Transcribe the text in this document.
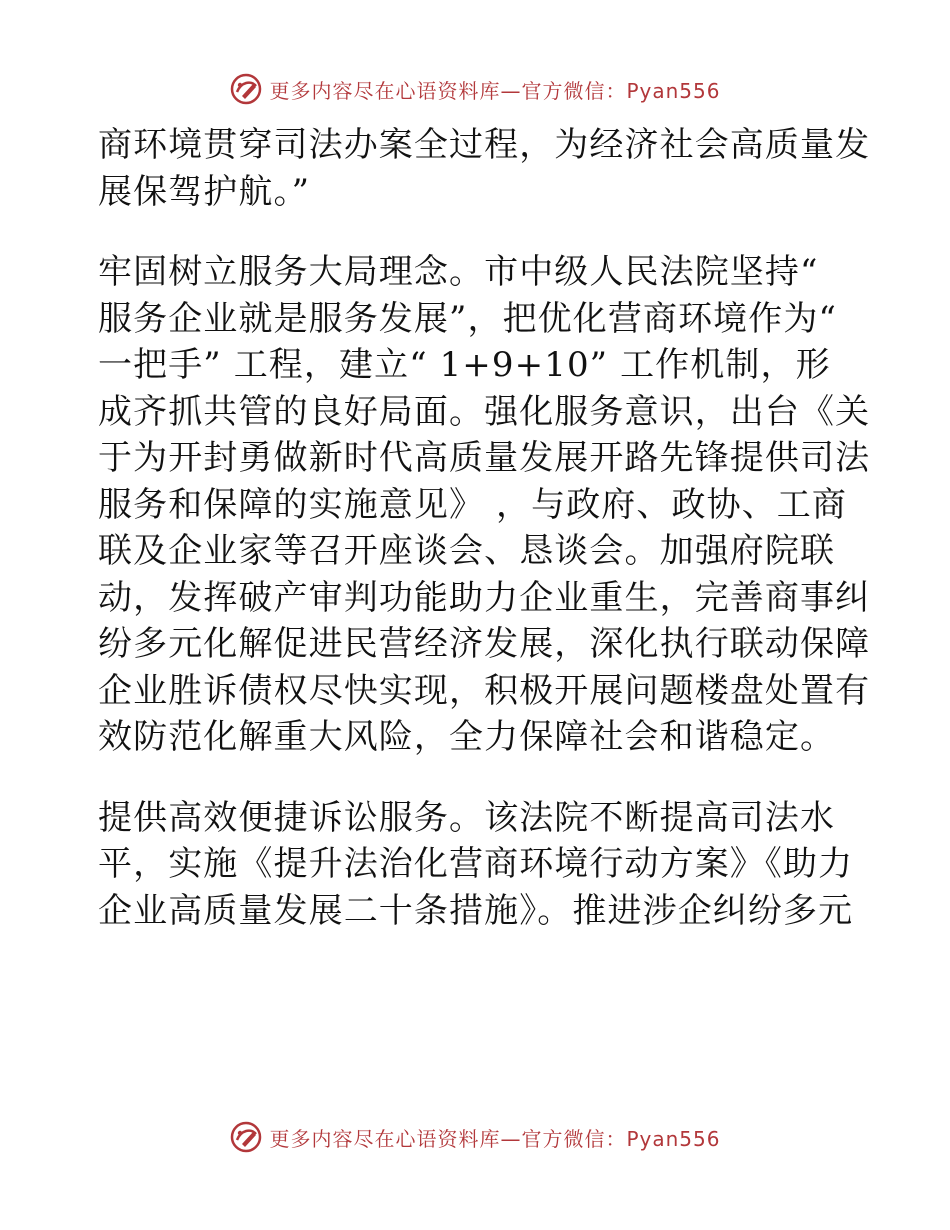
更多内容尽在心语资料库—官方微信：Pyan556
商环境贯穿司法办案全过程，为经济社会高质量发
展保驾护航。”
牢固树立服务大局理念。市中级人民法院坚持“
服务企业就是服务发展”，把优化营商环境作为“
一把手” 工程，建立“ 1+9+10” 工作机制，形
成齐抓共管的良好局面。强化服务意识，出台《关
于为开封勇做新时代高质量发展开路先锋提供司法
服务和保障的实施意见》 ，与政府、政协、工商
联及企业家等召开座谈会、恳谈会。加强府院联
动，发挥破产审判功能助力企业重生，完善商事纠
纷多元化解促进民营经济发展，深化执行联动保障
企业胜诉债权尽快实现，积极开展问题楼盘处置有
效防范化解重大风险，全力保障社会和谐稳定。
提供高效便捷诉讼服务。该法院不断提高司法水
平，实施《提升法治化营商环境行动方案》《助力
企业高质量发展二十条措施》。推进涉企纠纷多元
更多内容尽在心语资料库—官方微信：Pyan556
